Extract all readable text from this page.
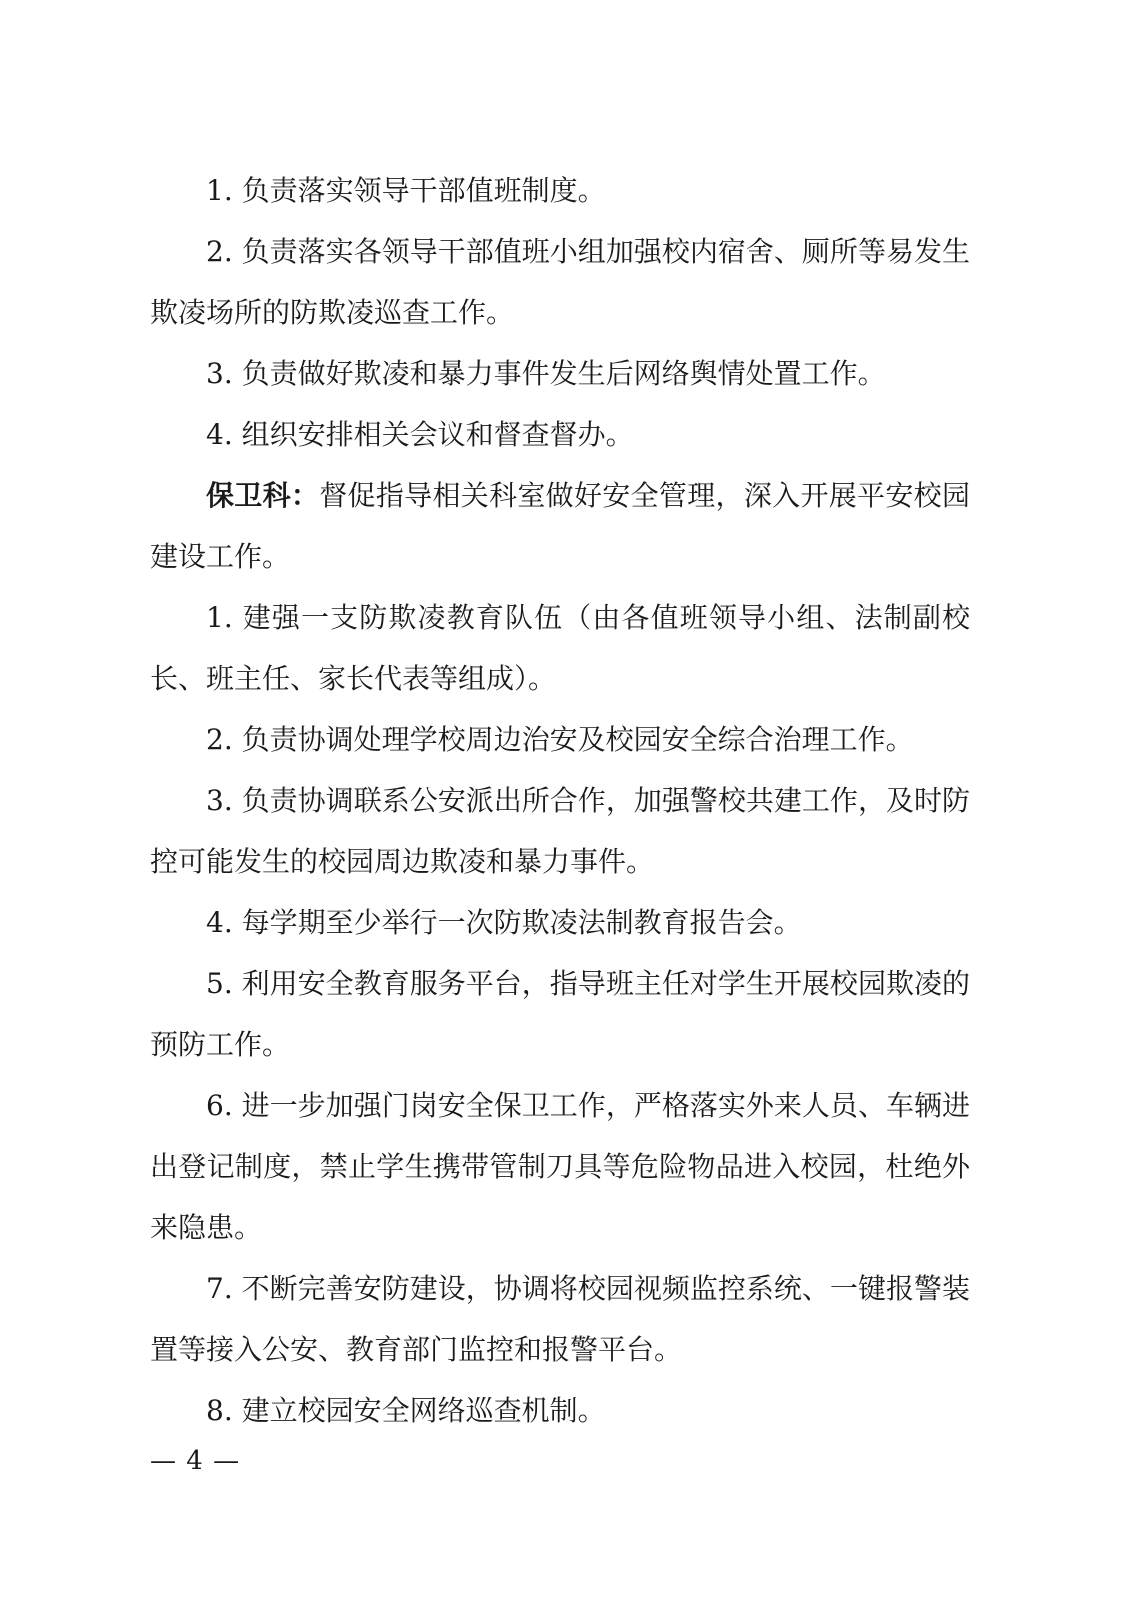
1. 负责落实领导干部值班制度。

2. 负责落实各领导干部值班小组加强校内宿舍、厕所等易发生欺凌场所的防欺凌巡查工作。

3. 负责做好欺凌和暴力事件发生后网络舆情处置工作。

4. 组织安排相关会议和督查督办。

保卫科：督促指导相关科室做好安全管理，深入开展平安校园建设工作。

1. 建强一支防欺凌教育队伍（由各值班领导小组、法制副校长、班主任、家长代表等组成）。

2. 负责协调处理学校周边治安及校园安全综合治理工作。

3. 负责协调联系公安派出所合作，加强警校共建工作，及时防控可能发生的校园周边欺凌和暴力事件。

4. 每学期至少举行一次防欺凌法制教育报告会。

5. 利用安全教育服务平台，指导班主任对学生开展校园欺凌的预防工作。

6. 进一步加强门岗安全保卫工作，严格落实外来人员、车辆进出登记制度，禁止学生携带管制刀具等危险物品进入校园，杜绝外来隐患。

7. 不断完善安防建设，协调将校园视频监控系统、一键报警装置等接入公安、教育部门监控和报警平台。

8. 建立校园安全网络巡查机制。

— 4 —
